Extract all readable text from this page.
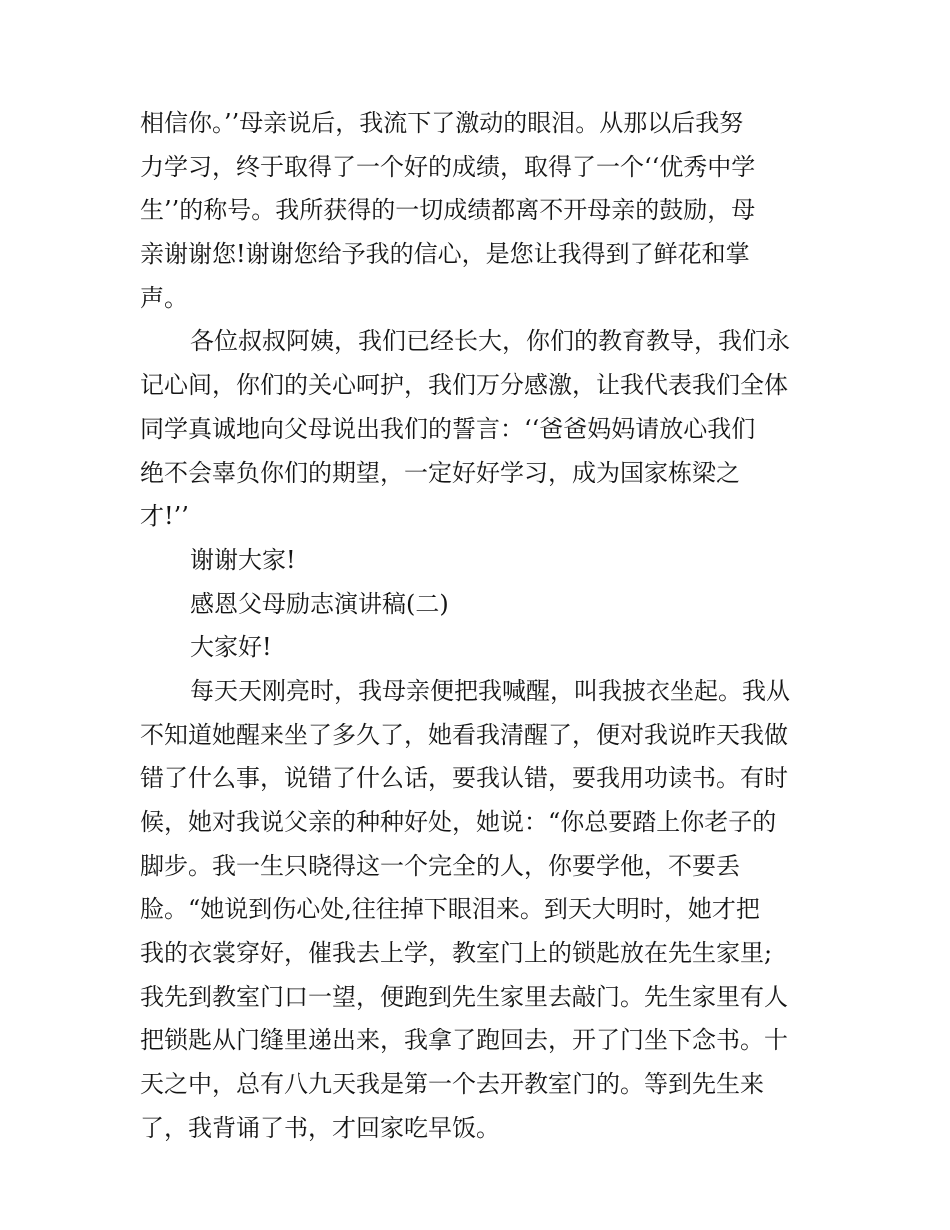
相信你。’’母亲说后，我流下了激动的眼泪。从那以后我努
力学习，终于取得了一个好的成绩，取得了一个‘‘优秀中学
生’’的称号。我所获得的一切成绩都离不开母亲的鼓励，母
亲谢谢您!谢谢您给予我的信心，是您让我得到了鲜花和掌
声。
各位叔叔阿姨，我们已经长大，你们的教育教导，我们永
记心间，你们的关心呵护，我们万分感激，让我代表我们全体
同学真诚地向父母说出我们的誓言：‘‘爸爸妈妈请放心我们
绝不会辜负你们的期望，一定好好学习，成为国家栋梁之
才!’’
谢谢大家!
感恩父母励志演讲稿(二)
大家好!
每天天刚亮时，我母亲便把我喊醒，叫我披衣坐起。我从
不知道她醒来坐了多久了，她看我清醒了，便对我说昨天我做
错了什么事，说错了什么话，要我认错，要我用功读书。有时
候，她对我说父亲的种种好处，她说：“你总要踏上你老子的
脚步。我一生只晓得这一个完全的人，你要学他，不要丢
脸。“她说到伤心处,往往掉下眼泪来。到天大明时，她才把
我的衣裳穿好，催我去上学，教室门上的锁匙放在先生家里;
我先到教室门口一望，便跑到先生家里去敲门。先生家里有人
把锁匙从门缝里递出来，我拿了跑回去，开了门坐下念书。十
天之中，总有八九天我是第一个去开教室门的。等到先生来
了，我背诵了书，才回家吃早饭。
